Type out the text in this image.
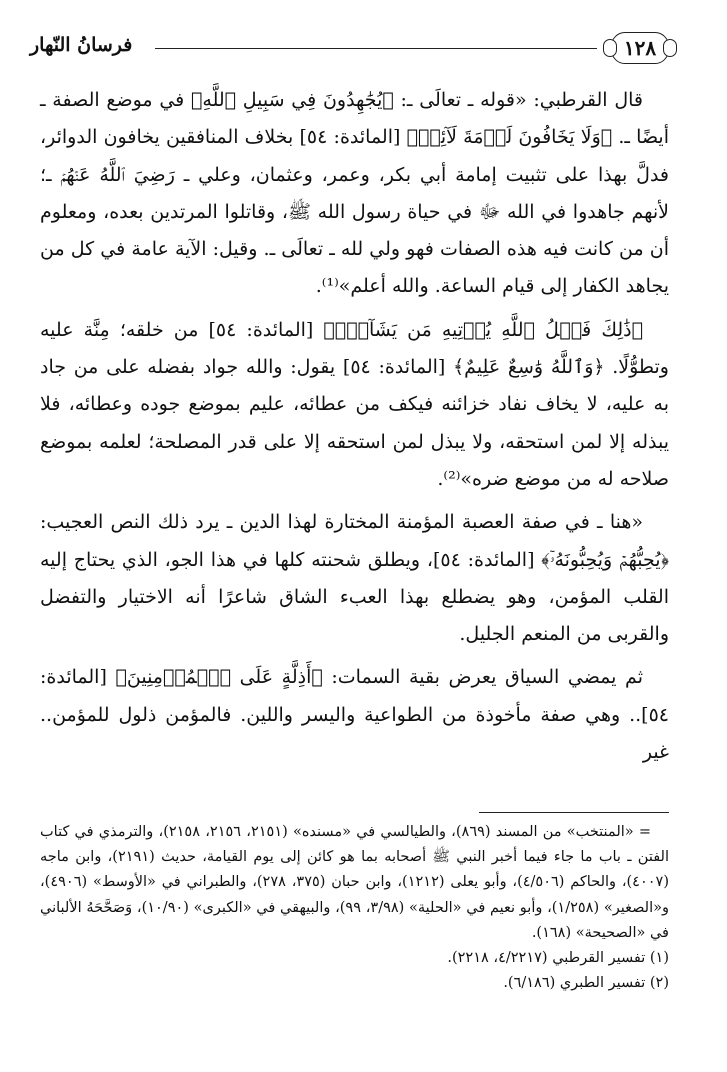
١٢٨
فرسانُ النّهار

قال القرطبي: «قوله ـ تعالَى ـ: ﴿يُجَٰهِدُونَ فِي سَبِيلِ ٱللَّهِ﴾ في موضع الصفة ـ أيضًا ـ. ﴿وَلَا يَخَافُونَ لَوۡمَةَ لَآئِمٖ﴾ [المائدة: ٥٤] بخلاف المنافقين يخافون الدوائر، فدلَّ بهذا على تثبيت إمامة أبي بكر، وعمر، وعثمان، وعلي ـ رَضِيَ ٱللَّهُ عَنۡهُمۡ ـ؛ لأنهم جاهدوا في الله ﷻ في حياة رسول الله ﷺ، وقاتلوا المرتدين بعده، ومعلوم أن من كانت فيه هذه الصفات فهو ولي لله ـ تعالَى ـ. وقيل: الآية عامة في كل من يجاهد الكفار إلى قيام الساعة. والله أعلم»⁽¹⁾.

﴿ذَٰلِكَ فَضۡلُ ٱللَّهِ يُؤۡتِيهِ مَن يَشَآءُۚ﴾ [المائدة: ٥٤] من خلقه؛ مِنَّة عليه وتطوُّلًا. ﴿وَٱللَّهُ وَٰسِعٌ عَلِيمٌ﴾ [المائدة: ٥٤] يقول: والله جواد بفضله على من جاد به عليه، لا يخاف نفاد خزائنه فيكف من عطائه، عليم بموضع جوده وعطائه، فلا يبذله إلا لمن استحقه، ولا يبذل لمن استحقه إلا على قدر المصلحة؛ لعلمه بموضع صلاحه له من موضع ضره»⁽²⁾.

«هنا ـ في صفة العصبة المؤمنة المختارة لهذا الدين ـ يرد ذلك النص العجيب: ﴿يُحِبُّهُمۡ وَيُحِبُّونَهُۥٓ﴾ [المائدة: ٥٤]، ويطلق شحنته كلها في هذا الجو، الذي يحتاج إليه القلب المؤمن، وهو يضطلع بهذا العبء الشاق شاعرًا أنه الاختيار والتفضل والقربى من المنعم الجليل.

ثم يمضي السياق يعرض بقية السمات: ﴿أَذِلَّةٍ عَلَى ٱلۡمُؤۡمِنِينَ﴾ [المائدة: ٥٤].. وهي صفة مأخوذة من الطواعية واليسر واللين. فالمؤمن ذلول للمؤمن.. غير

= «المنتخب» من المسند (٨٦٩)، والطيالسي في «مسنده» (٢١٥١، ٢١٥٦، ٢١٥٨)، والترمذي في كتاب الفتن ـ باب ما جاء فيما أخبر النبي ﷺ أصحابه بما هو كائن إلى يوم القيامة، حديث (٢١٩١)، وابن ماجه (٤٠٠٧)، والحاكم (٤/٥٠٦)، وأبو يعلى (١٢١٢)، وابن حبان (٣٧٥، ٢٧٨)، والطبراني في «الأوسط» (٤٩٠٦)، و«الصغير» (١/٢٥٨)، وأبو نعيم في «الحلية» (٣/٩٨، ٩٩)، والبيهقي في «الكبرى» (١٠/٩٠)، وَصَحَّحَهُ الألباني في «الصحيحة» (١٦٨).

(١) تفسير القرطبي (٤/٢٢١٧، ٢٢١٨).

(٢) تفسير الطبري (٦/١٨٦).
